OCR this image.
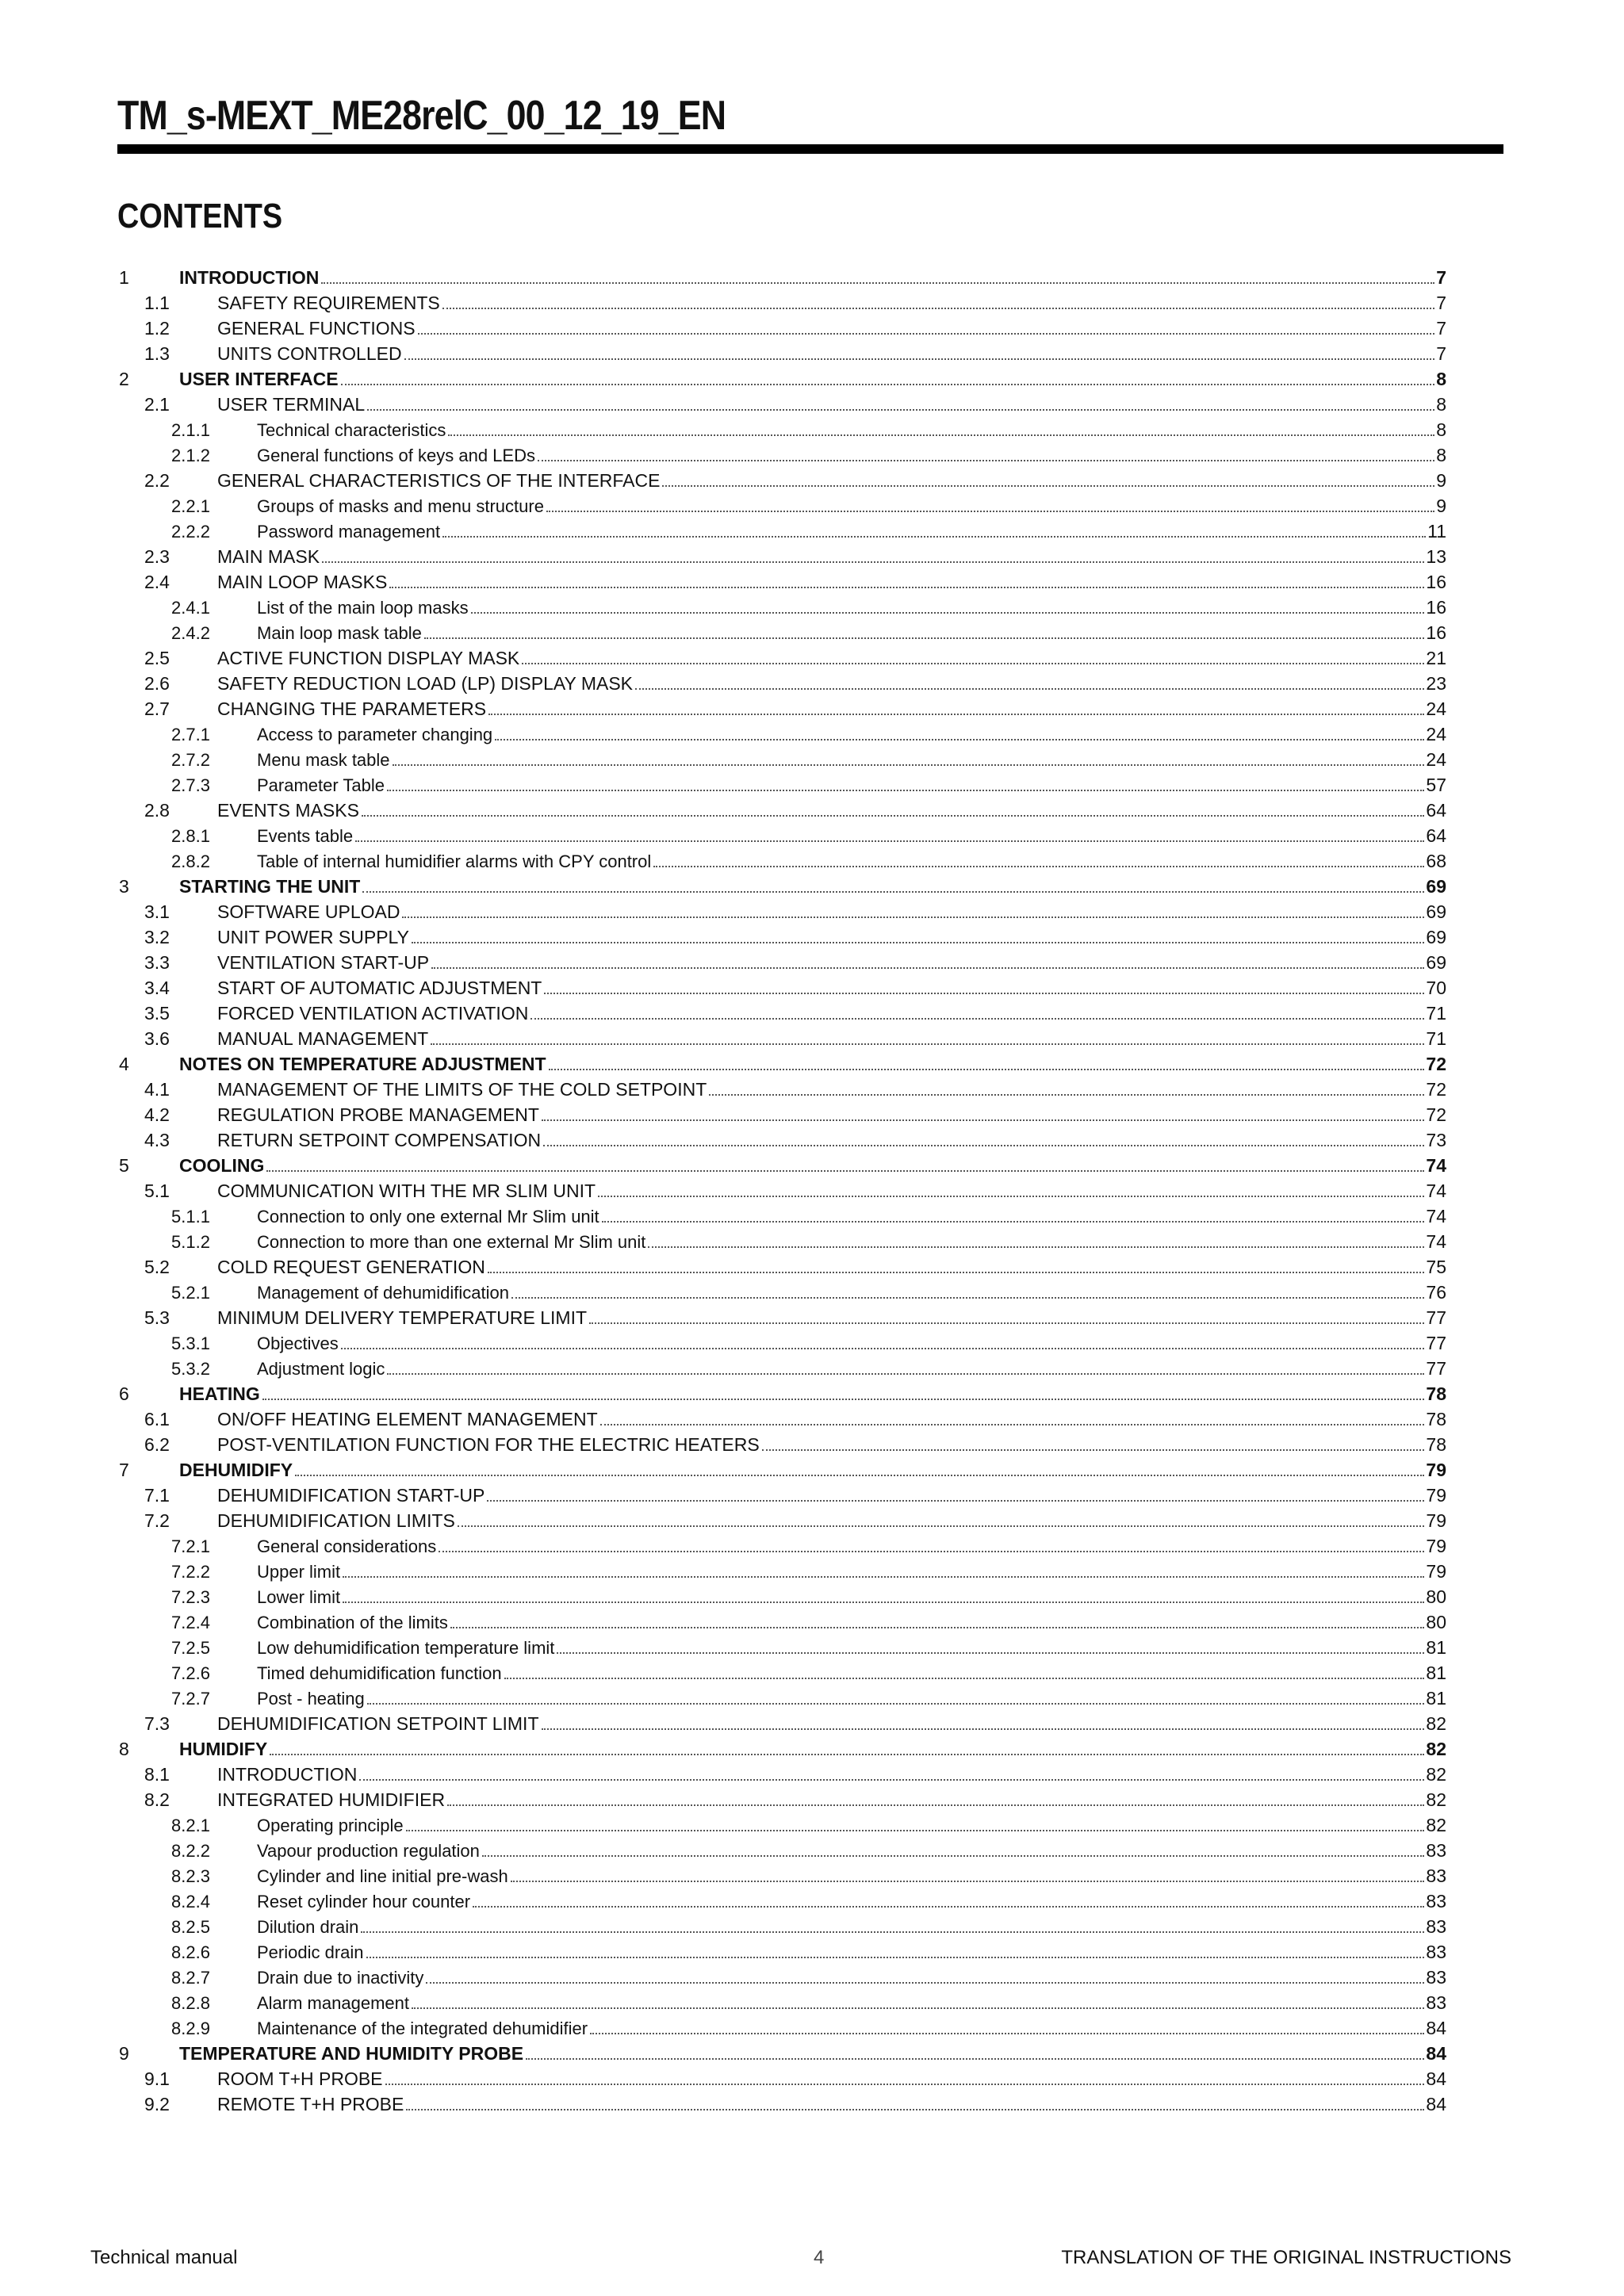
TM_s-MEXT_ME28relC_00_12_19_EN
CONTENTS
1	INTRODUCTION	7
1.1	SAFETY REQUIREMENTS	7
1.2	GENERAL FUNCTIONS	7
1.3	UNITS CONTROLLED	7
2	USER INTERFACE	8
2.1	USER TERMINAL	8
2.1.1	Technical characteristics	8
2.1.2	General functions of keys and LEDs	8
2.2	GENERAL CHARACTERISTICS OF THE INTERFACE	9
2.2.1	Groups of masks and menu structure	9
2.2.2	Password management	11
2.3	MAIN MASK	13
2.4	MAIN LOOP MASKS	16
2.4.1	List of the main loop masks	16
2.4.2	Main loop mask table	16
2.5	ACTIVE FUNCTION DISPLAY MASK	21
2.6	SAFETY REDUCTION LOAD (LP) DISPLAY MASK	23
2.7	CHANGING THE PARAMETERS	24
2.7.1	Access to parameter changing	24
2.7.2	Menu mask table	24
2.7.3	Parameter Table	57
2.8	EVENTS MASKS	64
2.8.1	Events table	64
2.8.2	Table of internal humidifier alarms with CPY control	68
3	STARTING THE UNIT	69
3.1	SOFTWARE UPLOAD	69
3.2	UNIT POWER SUPPLY	69
3.3	VENTILATION START-UP	69
3.4	START OF AUTOMATIC ADJUSTMENT	70
3.5	FORCED VENTILATION ACTIVATION	71
3.6	MANUAL MANAGEMENT	71
4	NOTES ON TEMPERATURE ADJUSTMENT	72
4.1	MANAGEMENT OF THE LIMITS OF THE COLD SETPOINT	72
4.2	REGULATION PROBE MANAGEMENT	72
4.3	RETURN SETPOINT COMPENSATION	73
5	COOLING	74
5.1	COMMUNICATION WITH THE MR SLIM UNIT	74
5.1.1	Connection to only one external Mr Slim unit	74
5.1.2	Connection to more than one external Mr Slim unit	74
5.2	COLD REQUEST GENERATION	75
5.2.1	Management of dehumidification	76
5.3	MINIMUM DELIVERY TEMPERATURE LIMIT	77
5.3.1	Objectives	77
5.3.2	Adjustment logic	77
6	HEATING	78
6.1	ON/OFF HEATING ELEMENT MANAGEMENT	78
6.2	POST-VENTILATION FUNCTION FOR THE ELECTRIC HEATERS	78
7	DEHUMIDIFY	79
7.1	DEHUMIDIFICATION START-UP	79
7.2	DEHUMIDIFICATION LIMITS	79
7.2.1	General considerations	79
7.2.2	Upper limit	79
7.2.3	Lower limit	80
7.2.4	Combination of the limits	80
7.2.5	Low dehumidification temperature limit	81
7.2.6	Timed dehumidification function	81
7.2.7	Post - heating	81
7.3	DEHUMIDIFICATION SETPOINT LIMIT	82
8	HUMIDIFY	82
8.1	INTRODUCTION	82
8.2	INTEGRATED HUMIDIFIER	82
8.2.1	Operating principle	82
8.2.2	Vapour production regulation	83
8.2.3	Cylinder and line initial pre-wash	83
8.2.4	Reset cylinder hour counter	83
8.2.5	Dilution drain	83
8.2.6	Periodic drain	83
8.2.7	Drain due to inactivity	83
8.2.8	Alarm management	83
8.2.9	Maintenance of the integrated dehumidifier	84
9	TEMPERATURE AND HUMIDITY PROBE	84
9.1	ROOM T+H PROBE	84
9.2	REMOTE T+H PROBE	84
Technical manual	4	TRANSLATION OF THE ORIGINAL INSTRUCTIONS
